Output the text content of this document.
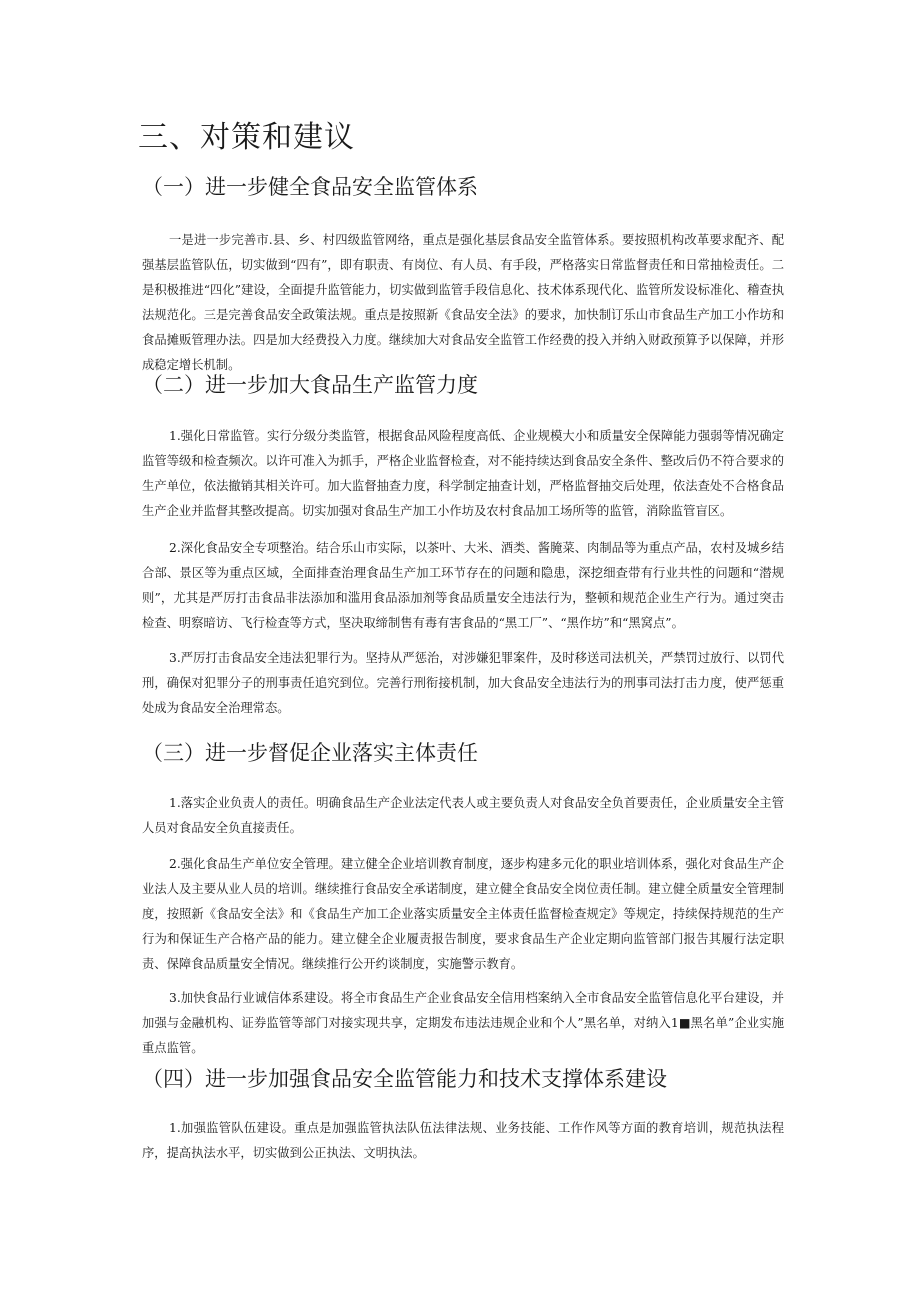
三、对策和建议
（一）进一步健全食品安全监管体系

一是进一步完善市.县、乡、村四级监管网络，重点是强化基层食品安全监管体系。要按照机构改革要求配齐、配强基层监管队伍，切实做到“四有”，即有职责、有岗位、有人员、有手段，严格落实日常监督责任和日常抽检责任。二是积极推进“四化”建设，全面提升监管能力，切实做到监管手段信息化、技术体系现代化、监管所发设标准化、稽查执法规范化。三是完善食品安全政策法规。重点是按照新《食品安全法》的要求，加快制订乐山市食品生产加工小作坊和食品摊贩管理办法。四是加大经费投入力度。继续加大对食品安全监管工作经费的投入并纳入财政预算予以保障，并形成稳定增长机制。

（二）进一步加大食品生产监管力度

1.强化日常监管。实行分级分类监管，根据食品风险程度高低、企业规模大小和质量安全保障能力强弱等情况确定监管等级和检查频次。以许可准入为抓手，严格企业监督检查，对不能持续达到食品安全条件、整改后仍不符合要求的生产单位，依法撤销其相关许可。加大监督抽查力度，科学制定抽查计划，严格监督抽交后处理，依法查处不合格食品生产企业并监督其整改提高。切实加强对食品生产加工小作坊及农村食品加工场所等的监管，消除监管盲区。

2.深化食品安全专项整治。结合乐山市实际，以茶叶、大米、酒类、酱腌菜、肉制品等为重点产品，农村及城乡结合部、景区等为重点区域，全面排查治理食品生产加工环节存在的问题和隐患，深挖细查带有行业共性的问题和“潜规则”，尤其是严厉打击食品非法添加和滥用食品添加剂等食品质量安全违法行为，整顿和规范企业生产行为。通过突击检查、明察暗访、飞行检查等方式，坚决取缔制售有毒有害食品的“黑工厂”、“黑作坊”和“黑窝点”。

3.严厉打击食品安全违法犯罪行为。坚持从严惩治，对涉嫌犯罪案件，及时移送司法机关，严禁罚过放行、以罚代刑，确保对犯罪分子的刑事责任追究到位。完善行刑衔接机制，加大食品安全违法行为的刑事司法打击力度，使严惩重处成为食品安全治理常态。

（三）进一步督促企业落实主体责任

1.落实企业负责人的责任。明确食品生产企业法定代表人或主要负责人对食品安全负首要责任，企业质量安全主管人员对食品安全负直接责任。

2.强化食品生产单位安全管理。建立健全企业培训教育制度，逐步构建多元化的职业培训体系，强化对食品生产企业法人及主要从业人员的培训。继续推行食品安全承诺制度，建立健全食品安全岗位责任制。建立健全质量安全管理制度，按照新《食品安全法》和《食品生产加工企业落实质量安全主体责任监督检查规定》等规定，持续保持规范的生产行为和保证生产合格产品的能力。建立健全企业履责报告制度，要求食品生产企业定期向监管部门报告其履行法定职责、保障食品质量安全情况。继续推行公开约谈制度，实施警示教育。

3.加快食品行业诚信体系建设。将全市食品生产企业食品安全信用档案纳入全市食品安全监管信息化平台建设，并加强与金融机构、证券监管等部门对接实现共享，定期发布违法违规企业和个人”黑名单，对纳入1■黑名单”企业实施重点监管。

（四）进一步加强食品安全监管能力和技术支撑体系建设

1.加强监管队伍建设。重点是加强监管执法队伍法律法规、业务技能、工作作风等方面的教育培训，规范执法程序，提高执法水平，切实做到公正执法、文明执法。
